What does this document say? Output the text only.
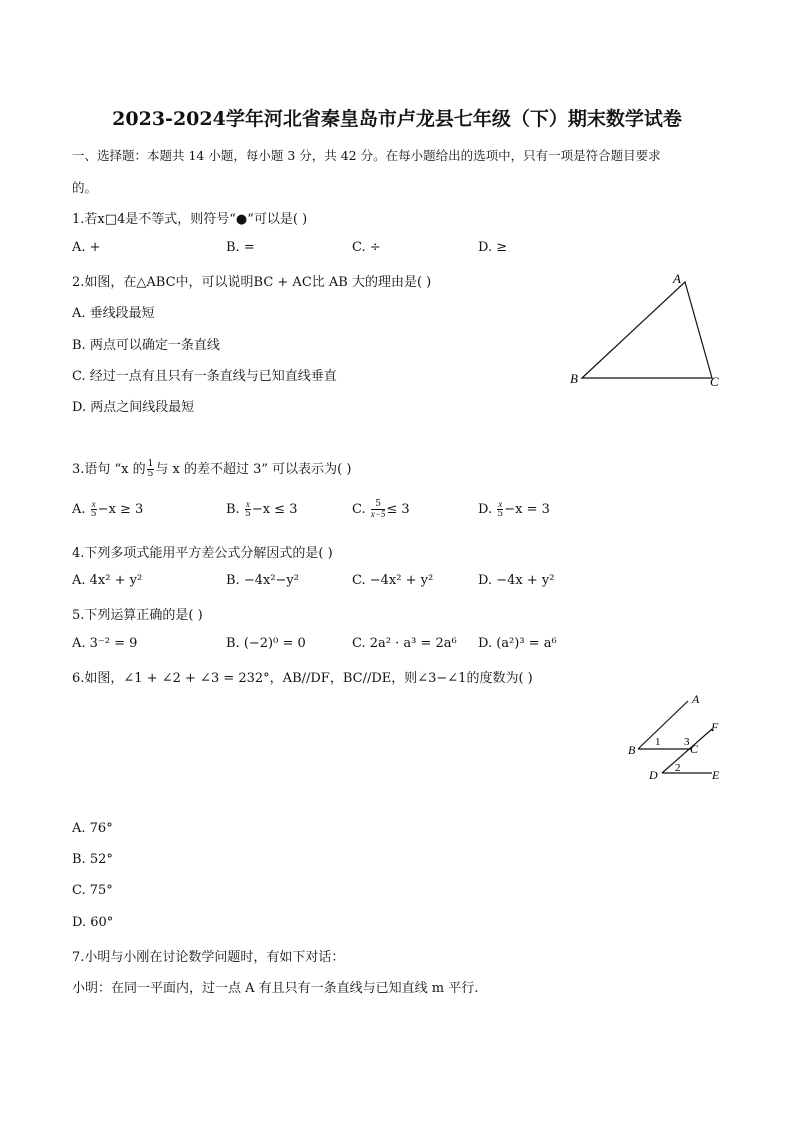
2023-2024学年河北省秦皇岛市卢龙县七年级（下）期末数学试卷
一、选择题：本题共 14 小题，每小题 3 分，共 42 分。在每小题给出的选项中，只有一项是符合题目要求
的。
1.若x□4是不等式，则符号“●”可以是( )
A. +	B. =	C. ÷	D. ≥
2.如图，在△ABC中，可以说明BC + AC比 AB 大的理由是( )
A. 垂线段最短
B. 两点可以确定一条直线
C. 经过一点有且只有一条直线与已知直线垂直
D. 两点之间线段最短
A
B	C
3.语句 “x 的 $\frac{1}{5}$ 与 x 的差不超过 3” 可以表示为( )
A. $\frac{x}{5} -x \ge 3$	B. $\frac{x}{5} -x \le 3$	C. $\frac{5}{x-5} \le 3$	D. $\frac{x}{5} -x = 3$
4.下列多项式能用平方差公式分解因式的是( )
A. 4x² + y²	B. −4x²−y²	C. −4x² + y²	D. −4x + y²
5.下列运算正确的是( )
A. 3⁻² = 9	B. (−2)⁰ = 0	C. 2a² · a³ = 2a⁶ D. (a²)³ = a⁶
6.如图，∠1 + ∠2 + ∠3 = 232°，AB//DF，BC//DE，则∠3−∠1的度数为( )
A
B	C
D	E
F
1
2
3
A. 76°
B. 52°
C. 75°
D. 60°
7.小明与小刚在讨论数学问题时，有如下对话：
小明：在同一平面内，过一点 A 有且只有一条直线与已知直线 m 平行.
